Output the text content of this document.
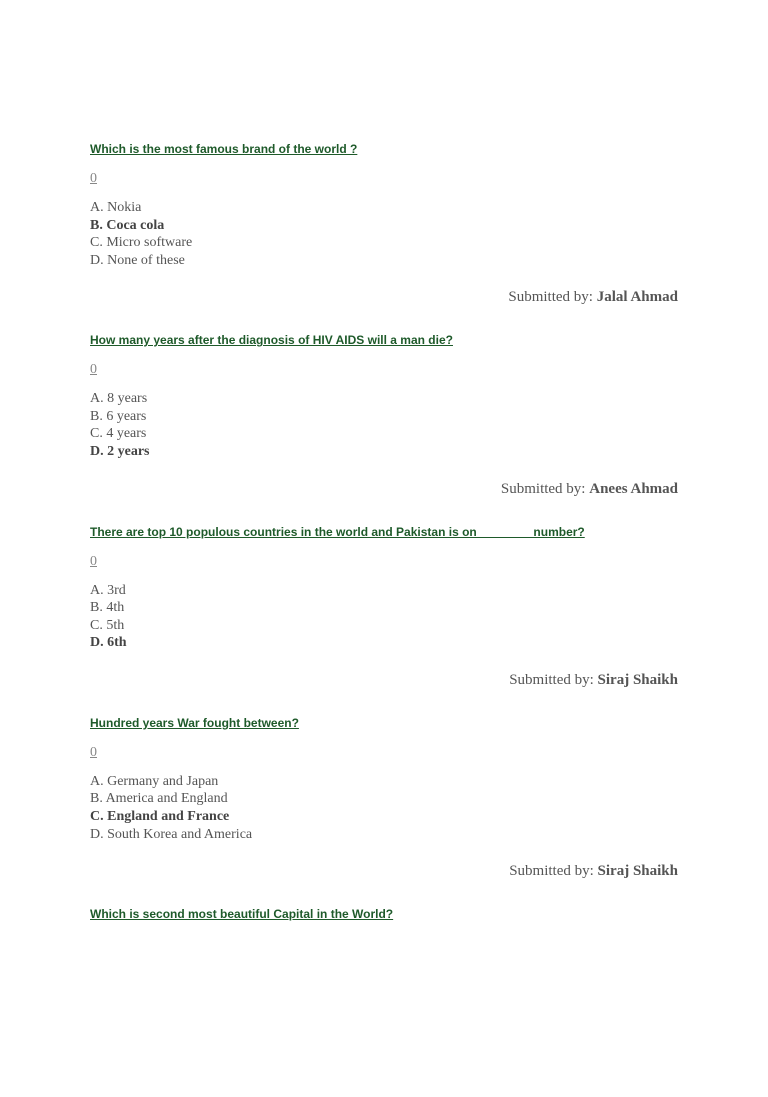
Which is the most famous brand of the world ?
0
A. Nokia
B. Coca cola
C. Micro software
D. None of these
Submitted by: Jalal Ahmad
How many years after the diagnosis of HIV AIDS will a man die?
0
A. 8 years
B. 6 years
C. 4 years
D. 2 years
Submitted by: Anees Ahmad
There are top 10 populous countries in the world and Pakistan is on                 number?
0
A. 3rd
B. 4th
C. 5th
D. 6th
Submitted by: Siraj Shaikh
Hundred years War fought between?
0
A. Germany and Japan
B. America and England
C. England and France
D. South Korea and America
Submitted by: Siraj Shaikh
Which is second most beautiful Capital in the World?
